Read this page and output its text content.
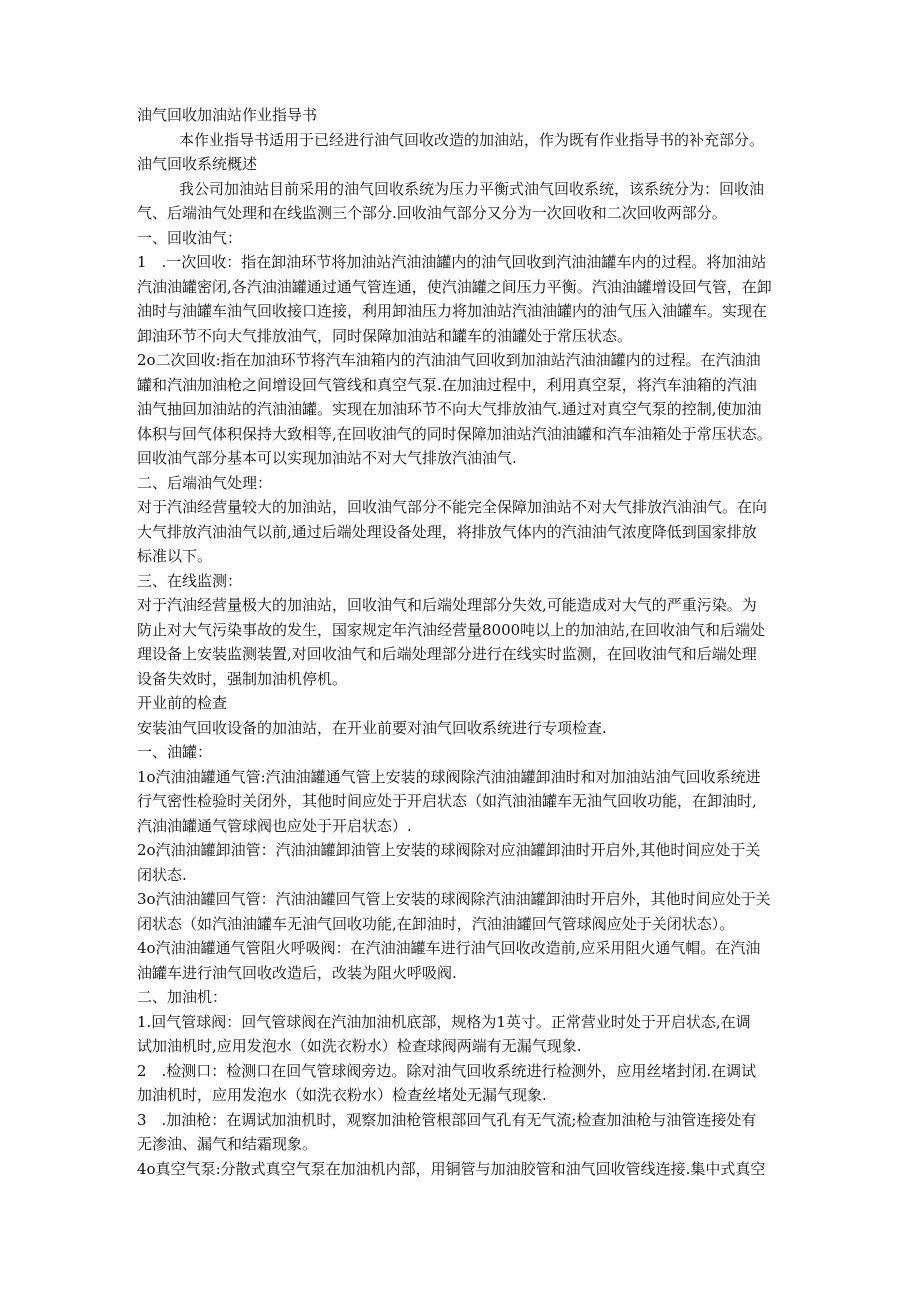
油气回收加油站作业指导书
本作业指导书适用于已经进行油气回收改造的加油站，作为既有作业指导书的补充部分。
油气回收系统概述
我公司加油站目前采用的油气回收系统为压力平衡式油气回收系统，该系统分为：回收油
气、后端油气处理和在线监测三个部分.回收油气部分又分为一次回收和二次回收两部分。
一、回收油气：
1　.一次回收：指在卸油环节将加油站汽油油罐内的油气回收到汽油油罐车内的过程。将加油站
汽油油罐密闭,各汽油油罐通过通气管连通，使汽油罐之间压力平衡。汽油油罐增设回气管，在卸
油时与油罐车油气回收接口连接，利用卸油压力将加油站汽油油罐内的油气压入油罐车。实现在
卸油环节不向大气排放油气，同时保障加油站和罐车的油罐处于常压状态。
2o二次回收:指在加油环节将汽车油箱内的汽油油气回收到加油站汽油油罐内的过程。在汽油油
罐和汽油加油枪之间增设回气管线和真空气泵.在加油过程中，利用真空泵，将汽车油箱的汽油
油气抽回加油站的汽油油罐。实现在加油环节不向大气排放油气.通过对真空气泵的控制,使加油
体积与回气体积保持大致相等,在回收油气的同时保障加油站汽油油罐和汽车油箱处于常压状态。
回收油气部分基本可以实现加油站不对大气排放汽油油气.
二、后端油气处理：
对于汽油经营量较大的加油站，回收油气部分不能完全保障加油站不对大气排放汽油油气。在向
大气排放汽油油气以前,通过后端处理设备处理，将排放气体内的汽油油气浓度降低到国家排放
标准以下。
三、在线监测：
对于汽油经营量极大的加油站，回收油气和后端处理部分失效,可能造成对大气的严重污染。为
防止对大气污染事故的发生，国家规定年汽油经营量8000吨以上的加油站,在回收油气和后端处
理设备上安装监测装置,对回收油气和后端处理部分进行在线实时监测，在回收油气和后端处理
设备失效时，强制加油机停机。
开业前的检查
安装油气回收设备的加油站，在开业前要对油气回收系统进行专项检查.
一、油罐：
1o汽油油罐通气管:汽油油罐通气管上安装的球阀除汽油油罐卸油时和对加油站油气回收系统进
行气密性检验时关闭外，其他时间应处于开启状态（如汽油油罐车无油气回收功能，在卸油时,
汽油油罐通气管球阀也应处于开启状态）.
2o汽油油罐卸油管：汽油油罐卸油管上安装的球阀除对应油罐卸油时开启外,其他时间应处于关
闭状态.
3o汽油油罐回气管：汽油油罐回气管上安装的球阀除汽油油罐卸油时开启外，其他时间应处于关
闭状态（如汽油油罐车无油气回收功能,在卸油时，汽油油罐回气管球阀应处于关闭状态）。
4o汽油油罐通气管阻火呼吸阀：在汽油油罐车进行油气回收改造前,应采用阻火通气帽。在汽油
油罐车进行油气回收改造后，改装为阻火呼吸阀.
二、加油机：
1.回气管球阀：回气管球阀在汽油加油机底部，规格为1英寸。正常营业时处于开启状态,在调
试加油机时,应用发泡水（如洗衣粉水）检查球阀两端有无漏气现象.
2　.检测口：检测口在回气管球阀旁边。除对油气回收系统进行检测外，应用丝堵封闭.在调试
加油机时，应用发泡水（如洗衣粉水）检查丝堵处无漏气现象.
3　.加油枪：在调试加油机时，观察加油枪管根部回气孔有无气流;检查加油枪与油管连接处有
无渗油、漏气和结霜现象。
4o真空气泵:分散式真空气泵在加油机内部，用铜管与加油胶管和油气回收管线连接.集中式真空
